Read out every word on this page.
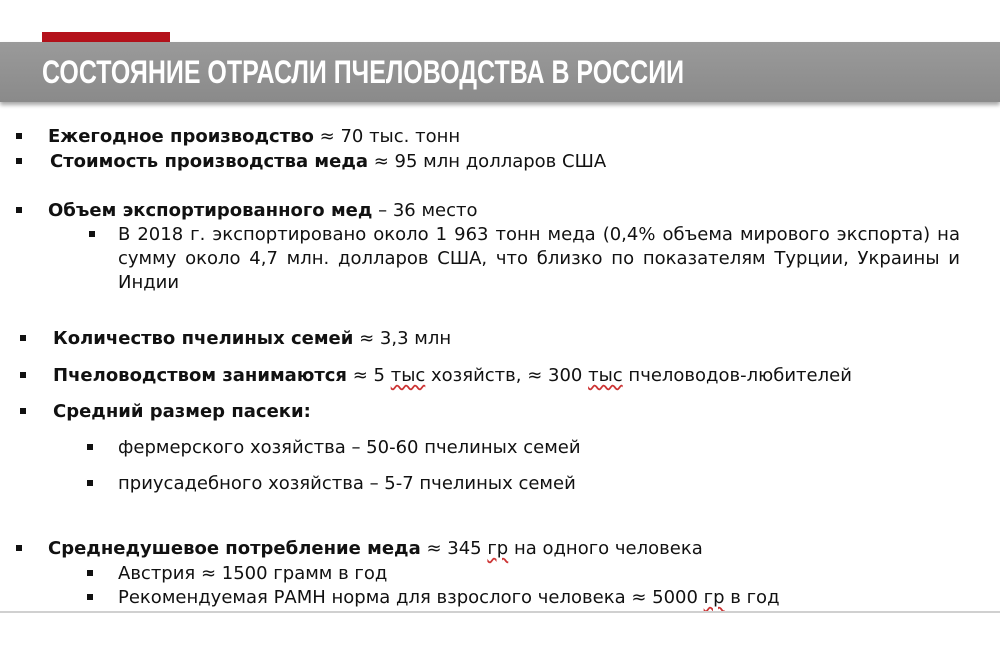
СОСТОЯНИЕ ОТРАСЛИ ПЧЕЛОВОДСТВА В РОССИИ
Ежегодное производство ≈ 70 тыс. тонн
Стоимость производства меда ≈ 95 млн долларов США
Объем экспортированного мед – 36 место
В 2018 г. экспортировано около 1 963 тонн меда (0,4% объема мирового экспорта) на сумму около 4,7 млн. долларов США, что близко по показателям Турции, Украины и Индии
Количество пчелиных семей ≈ 3,3 млн
Пчеловодством занимаются ≈ 5 тыс хозяйств, ≈ 300 тыс пчеловодов-любителей
Средний размер пасеки:
фермерского хозяйства – 50-60 пчелиных семей
приусадебного хозяйства – 5-7 пчелиных семей
Среднедушевое потребление меда ≈ 345 гр на одного человека
Австрия ≈ 1500 грамм в год
Рекомендуемая РАМН норма для взрослого человека ≈ 5000 гр в год
